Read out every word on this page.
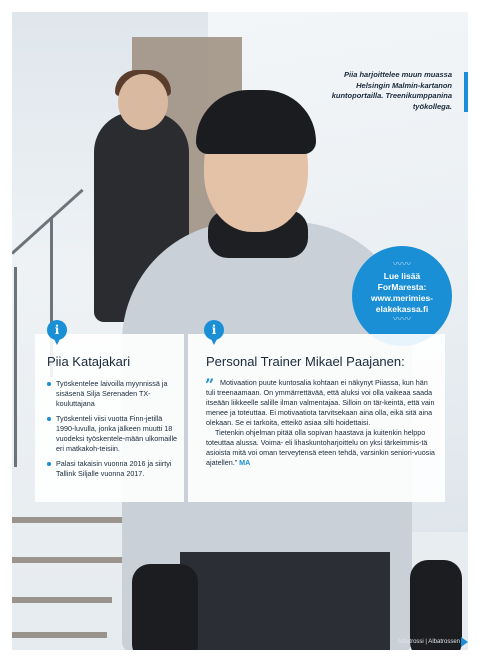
Piia harjoittelee muun muassa Helsingin Malmin-kartanon kuntoportailla. Treenikumppanina työkollega.
〰〰
Lue lisää
ForMaresta:
www.merimies-
elakekassa.fi
〰〰
i
Piia Katajakari
Työskentelee laivoilla myynnissä ja sisäsenä Silja Serenaden TX-kouluttajana
Työskenteli viisi vuotta Finn-jetillä 1990-luvulla, jonka jälkeen muutti 18 vuodeksi työskentele-mään ulkomaille eri matkakoh-teisiin.
Palasi takaisin vuonna 2016 ja siirtyi Tallink Siljalle vuonna 2017.
i
Personal Trainer Mikael Paajanen:
” Motivaation puute kuntosalia kohtaan ei näkynyt Piiassa, kun hän tuli treenaamaan. On ymmärrettävää, että aluksi voi olla vaikeaa saada itseään liikkeelle salille ilman valmentajaa. Silloin on tär-keintä, että vain menee ja toteuttaa. Ei motivaatiota tarvitsekaan aina olla, eikä sitä aina olekaan. Se ei tarkoita, etteikö asiaa silti hoidettaisi.

Tietenkin ohjelman pitää olla sopivan haastava ja kuitenkin helppo toteuttaa alussa. Voima- eli lihaskuntoharjoittelu on yksi tärkeimmis-tä asioista mitä voi oman terveytensä eteen tehdä, varsinkin seniori-vuosia ajatellen.” MA

Albatrossi | Albatrossen
